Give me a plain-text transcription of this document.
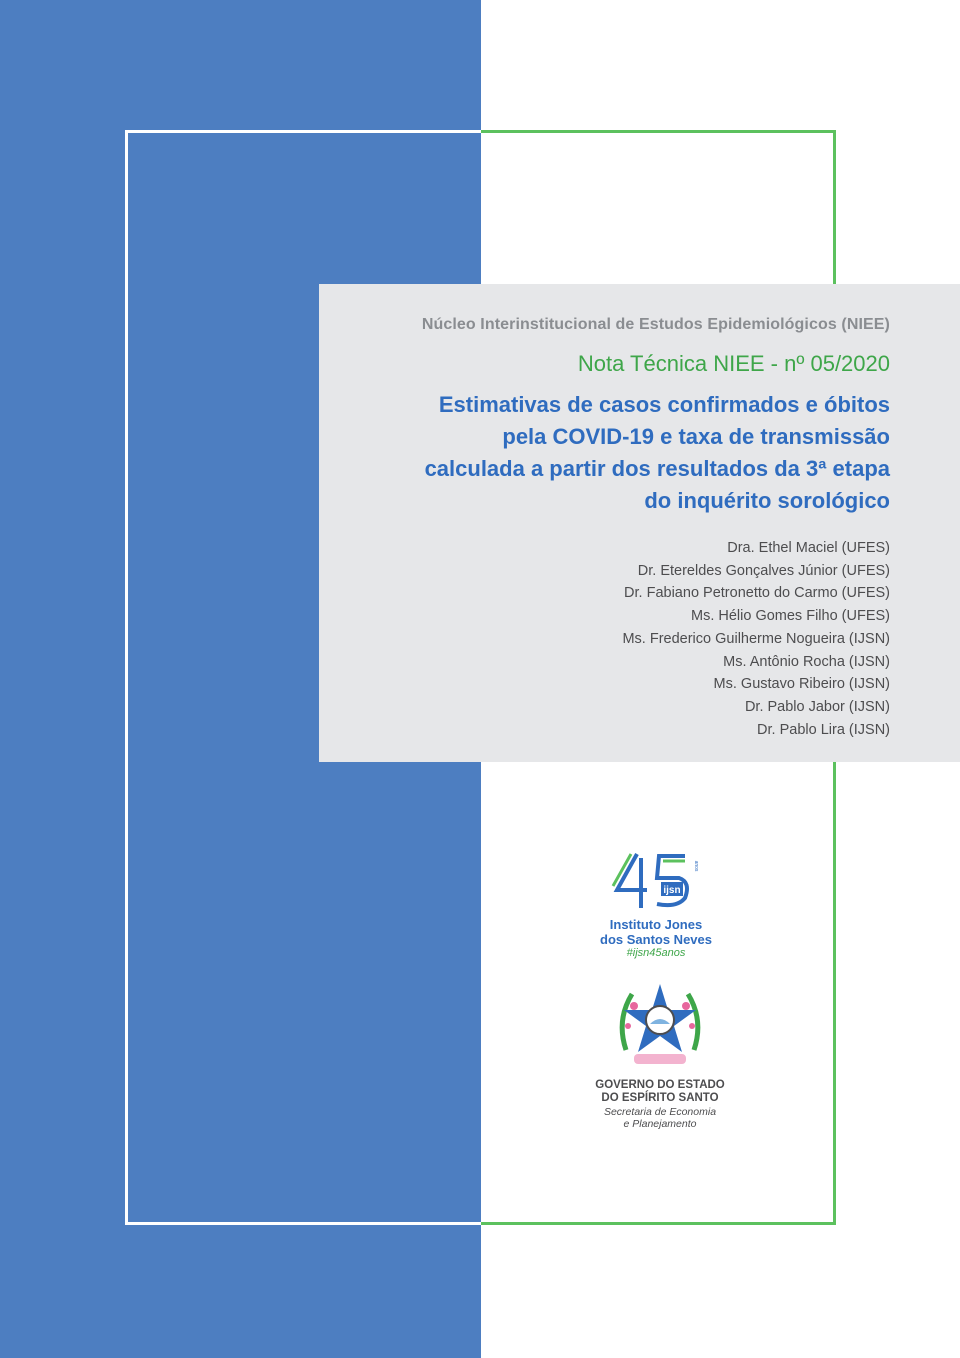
Núcleo Interinstitucional de Estudos Epidemiológicos (NIEE)
Nota Técnica NIEE - nº 05/2020
Estimativas de casos confirmados e óbitos
pela COVID-19 e taxa de transmissão
calculada a partir dos resultados da 3ª etapa
do inquérito sorológico
Dra. Ethel Maciel (UFES)
Dr. Etereldes Gonçalves Júnior (UFES)
Dr. Fabiano Petronetto do Carmo (UFES)
Ms. Hélio Gomes Filho (UFES)
Ms. Frederico Guilherme Nogueira (IJSN)
Ms. Antônio Rocha (IJSN)
Ms. Gustavo Ribeiro (IJSN)
Dr. Pablo Jabor (IJSN)
Dr. Pablo Lira (IJSN)
ijsn
anos
Instituto Jones
dos Santos Neves
#ijsn45anos
GOVERNO DO ESTADO
DO ESPÍRITO SANTO
Secretaria de Economia
e Planejamento
